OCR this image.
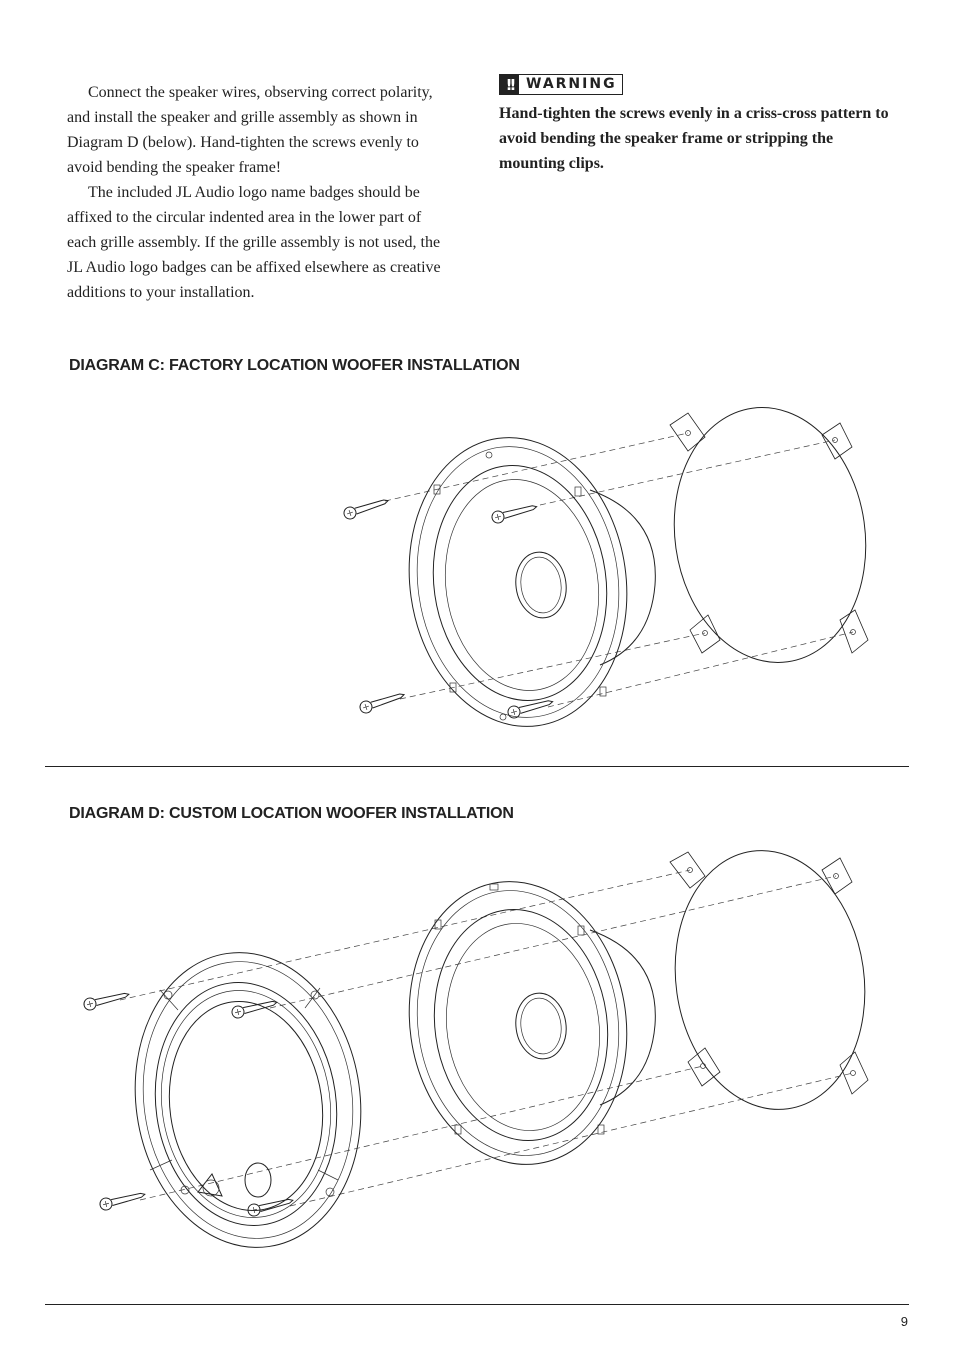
Connect the speaker wires, observing correct polarity, and install the speaker and grille assembly as shown in Diagram D (below). Hand-tighten the screws evenly to avoid bending the speaker frame!

The included JL Audio logo name badges should be affixed to the circular indented area in the lower part of each grille assembly. If the grille assembly is not used, the JL Audio logo badges can be affixed elsewhere as creative additions to your installation.

!! WARNING

Hand-tighten the screws evenly in a criss-cross pattern to avoid bending the speaker frame or stripping the mounting clips.

DIAGRAM C: FACTORY LOCATION WOOFER INSTALLATION
DIAGRAM D: CUSTOM LOCATION WOOFER INSTALLATION
9
